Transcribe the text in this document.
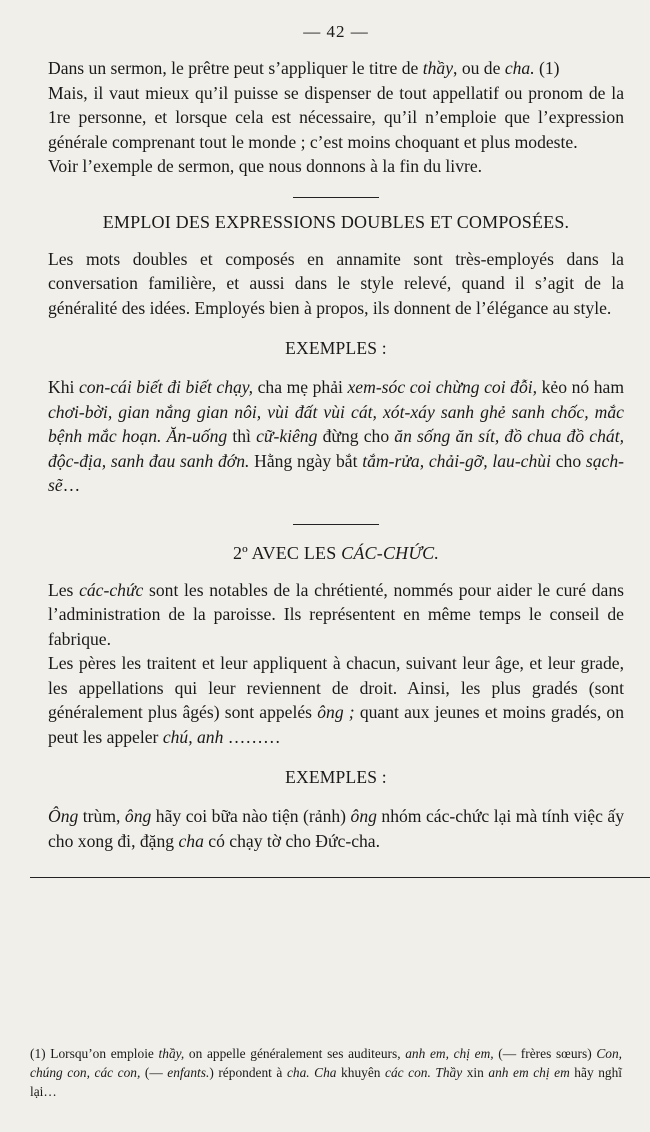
— 42 —

Dans un sermon, le prêtre peut s’appliquer le titre de thầy, ou de cha. (1)

Mais, il vaut mieux qu’il puisse se dispenser de tout appellatif ou pronom de la 1re personne, et lorsque cela est nécessaire, qu’il n’emploie que l’expression générale comprenant tout le monde ; c’est moins choquant et plus modeste.

Voir l’exemple de sermon, que nous donnons à la fin du livre.

EMPLOI DES EXPRESSIONS DOUBLES ET COMPOSÉES.

Les mots doubles et composés en annamite sont très-employés dans la conversation familière, et aussi dans le style relevé, quand il s’agit de la généralité des idées. Employés bien à propos, ils donnent de l’élégance au style.

EXEMPLES :

Khi con-cái biết đi biết chạy, cha mẹ phải xem-sóc coi chừng coi đỗi, kẻo nó ham chơi-bời, gian nắng gian nôi, vùi đất vùi cát, xót-xáy sanh ghẻ sanh chốc, mắc bệnh mắc hoạn. Ăn-uống thì cữ-kiêng đừng cho ăn sống ăn sít, đồ chua đồ chát, độc-địa, sanh đau sanh đớn. Hằng ngày bắt tắm-rửa, chải-gỡ, lau-chùi cho sạch-sẽ…

2º AVEC LES CÁC-CHỨC.

Les các-chức sont les notables de la chrétienté, nommés pour aider le curé dans l’administration de la paroisse. Ils représentent en même temps le conseil de fabrique.

Les pères les traitent et leur appliquent à chacun, suivant leur âge, et leur grade, les appellations qui leur reviennent de droit. Ainsi, les plus gradés (sont généralement plus âgés) sont appelés ông ; quant aux jeunes et moins gradés, on peut les appeler chú, anh ………

EXEMPLES :

Ông trùm, ông hãy coi bữa nào tiện (rảnh) ông nhóm các-chức lại mà tính việc ấy cho xong đi, đặng cha có chạy tờ cho Đức-cha.

(1) Lorsqu’on emploie thầy, on appelle généralement ses auditeurs, anh em, chị em, (— frères sœurs) Con, chúng con, các con, (— enfants.) répondent à cha. Cha khuyên các con. Thầy xin anh em chị em hãy nghĩ lại…
